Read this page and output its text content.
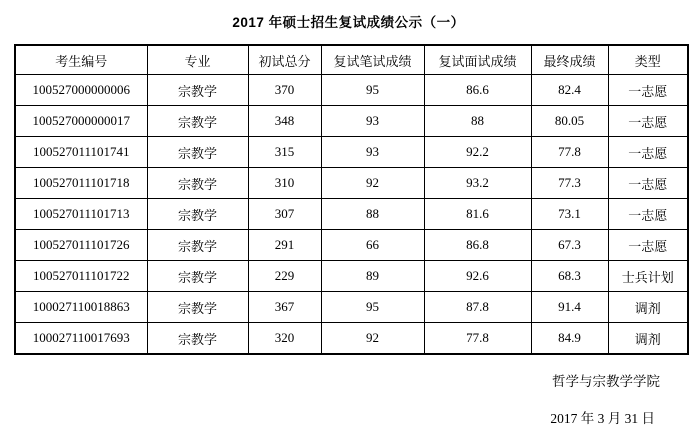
2017 年硕士招生复试成绩公示（一）
考生编号	专业	初试总分	复试笔试成绩	复试面试成绩	最终成绩	类型
100527000000006	宗教学	370	95	86.6	82.4	一志愿
100527000000017	宗教学	348	93	88	80.05	一志愿
100527011101741	宗教学	315	93	92.2	77.8	一志愿
100527011101718	宗教学	310	92	93.2	77.3	一志愿
100527011101713	宗教学	307	88	81.6	73.1	一志愿
100527011101726	宗教学	291	66	86.8	67.3	一志愿
100527011101722	宗教学	229	89	92.6	68.3	士兵计划
100027110018863	宗教学	367	95	87.8	91.4	调剂
100027110017693	宗教学	320	92	77.8	84.9	调剂
哲学与宗教学学院
2017 年 3 月 31 日
